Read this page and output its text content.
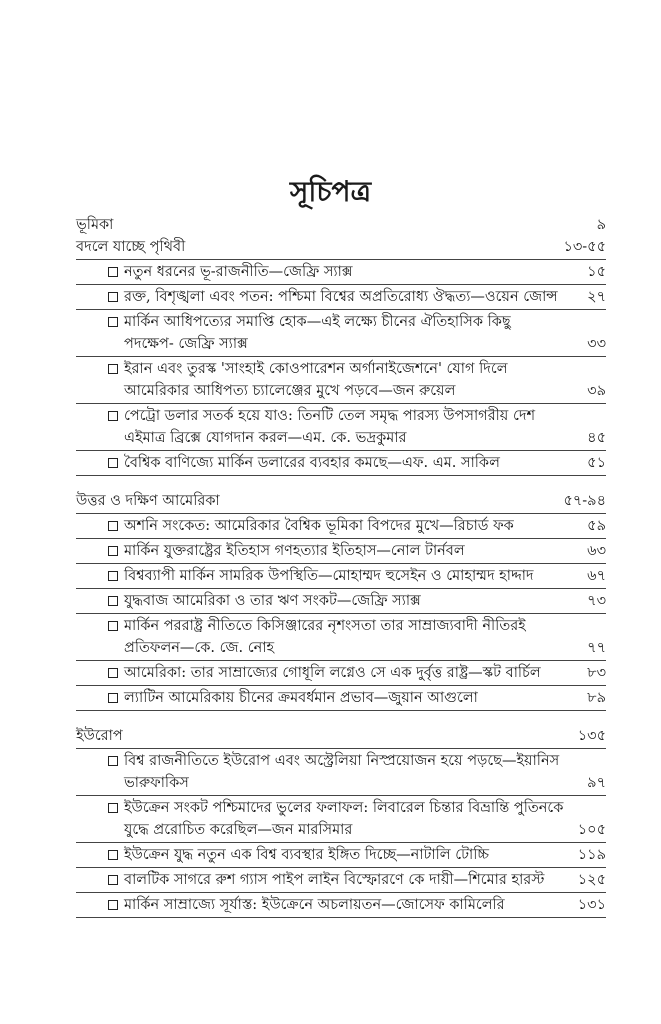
সূচিপত্র
ভূমিকা	৯
বদলে যাচ্ছে পৃথিবী	১৩-৫৫
নতুন ধরনের ভূ-রাজনীতি—জেফ্রি স্যাক্স	১৫
রক্ত, বিশৃঙ্খলা এবং পতন: পশ্চিমা বিশ্বের অপ্রতিরোধ্য ঔদ্ধত্য—ওয়েন জোন্স	২৭
মার্কিন আধিপত্যের সমাপ্তি হোক—এই লক্ষ্যে চীনের ঐতিহাসিক কিছু পদক্ষেপ- জেফ্রি স্যাক্স	৩৩
ইরান এবং তুরস্ক 'সাংহাই কোওপারেশন অর্গানাইজেশনে' যোগ দিলে আমেরিকার আধিপত্য চ্যালেঞ্জের মুখে পড়বে—জন রুয়েল	৩৯
পেট্রো ডলার সতর্ক হয়ে যাও: তিনটি তেল সমৃদ্ধ পারস্য উপসাগরীয় দেশ এইমাত্র ব্রিক্সে যোগদান করল—এম. কে. ভদ্রকুমার	৪৫
বৈশ্বিক বাণিজ্যে মার্কিন ডলারের ব্যবহার কমছে—এফ. এম. সাকিল	৫১
উত্তর ও দক্ষিণ আমেরিকা	৫৭-৯৪
অশনি সংকেত: আমেরিকার বৈশ্বিক ভূমিকা বিপদের মুখে—রিচার্ড ফক	৫৯
মার্কিন যুক্তরাষ্ট্রের ইতিহাস গণহত্যার ইতিহাস—নোল টার্নবল	৬৩
বিশ্বব্যাপী মার্কিন সামরিক উপস্থিতি—মোহাম্মদ হুসেইন ও মোহাম্মদ হাদ্দাদ	৬৭
যুদ্ধবাজ আমেরিকা ও তার ঋণ সংকট—জেফ্রি স্যাক্স	৭৩
মার্কিন পররাষ্ট্র নীতিতে কিসিঞ্জারের নৃশংসতা তার সাম্রাজ্যবাদী নীতিরই প্রতিফলন—কে. জে. নোহ	৭৭
আমেরিকা: তার সাম্রাজ্যের গোধূলি লগ্নেও সে এক দুর্বৃত্ত রাষ্ট্র—স্কট বার্চিল	৮৩
ল্যাটিন আমেরিকায় চীনের ক্রমবর্ধমান প্রভাব—জুয়ান আগুলো	৮৯
ইউরোপ	১৩৫
বিশ্ব রাজনীতিতে ইউরোপ এবং অস্ট্রেলিয়া নিস্প্রয়োজন হয়ে পড়ছে—ইয়ানিস ভারুফাকিস	৯৭
ইউক্রেন সংকট পশ্চিমাদের ভুলের ফলাফল: লিবারেল চিন্তার বিভ্রান্তি পুতিনকে যুদ্ধে প্ররোচিত করেছিল—জন মারসিমার	১০৫
ইউক্রেন যুদ্ধ নতুন এক বিশ্ব ব্যবস্থার ইঙ্গিত দিচ্ছে—নাটালি টোচ্চি	১১৯
বালটিক সাগরে রুশ গ্যাস পাইপ লাইন বিস্ফোরণে কে দায়ী—শিমোর হারস্ট	১২৫
মার্কিন সাম্রাজ্যে সূর্যাস্ত: ইউক্রেনে অচলায়তন—জোসেফ কামিলেরি	১৩১
